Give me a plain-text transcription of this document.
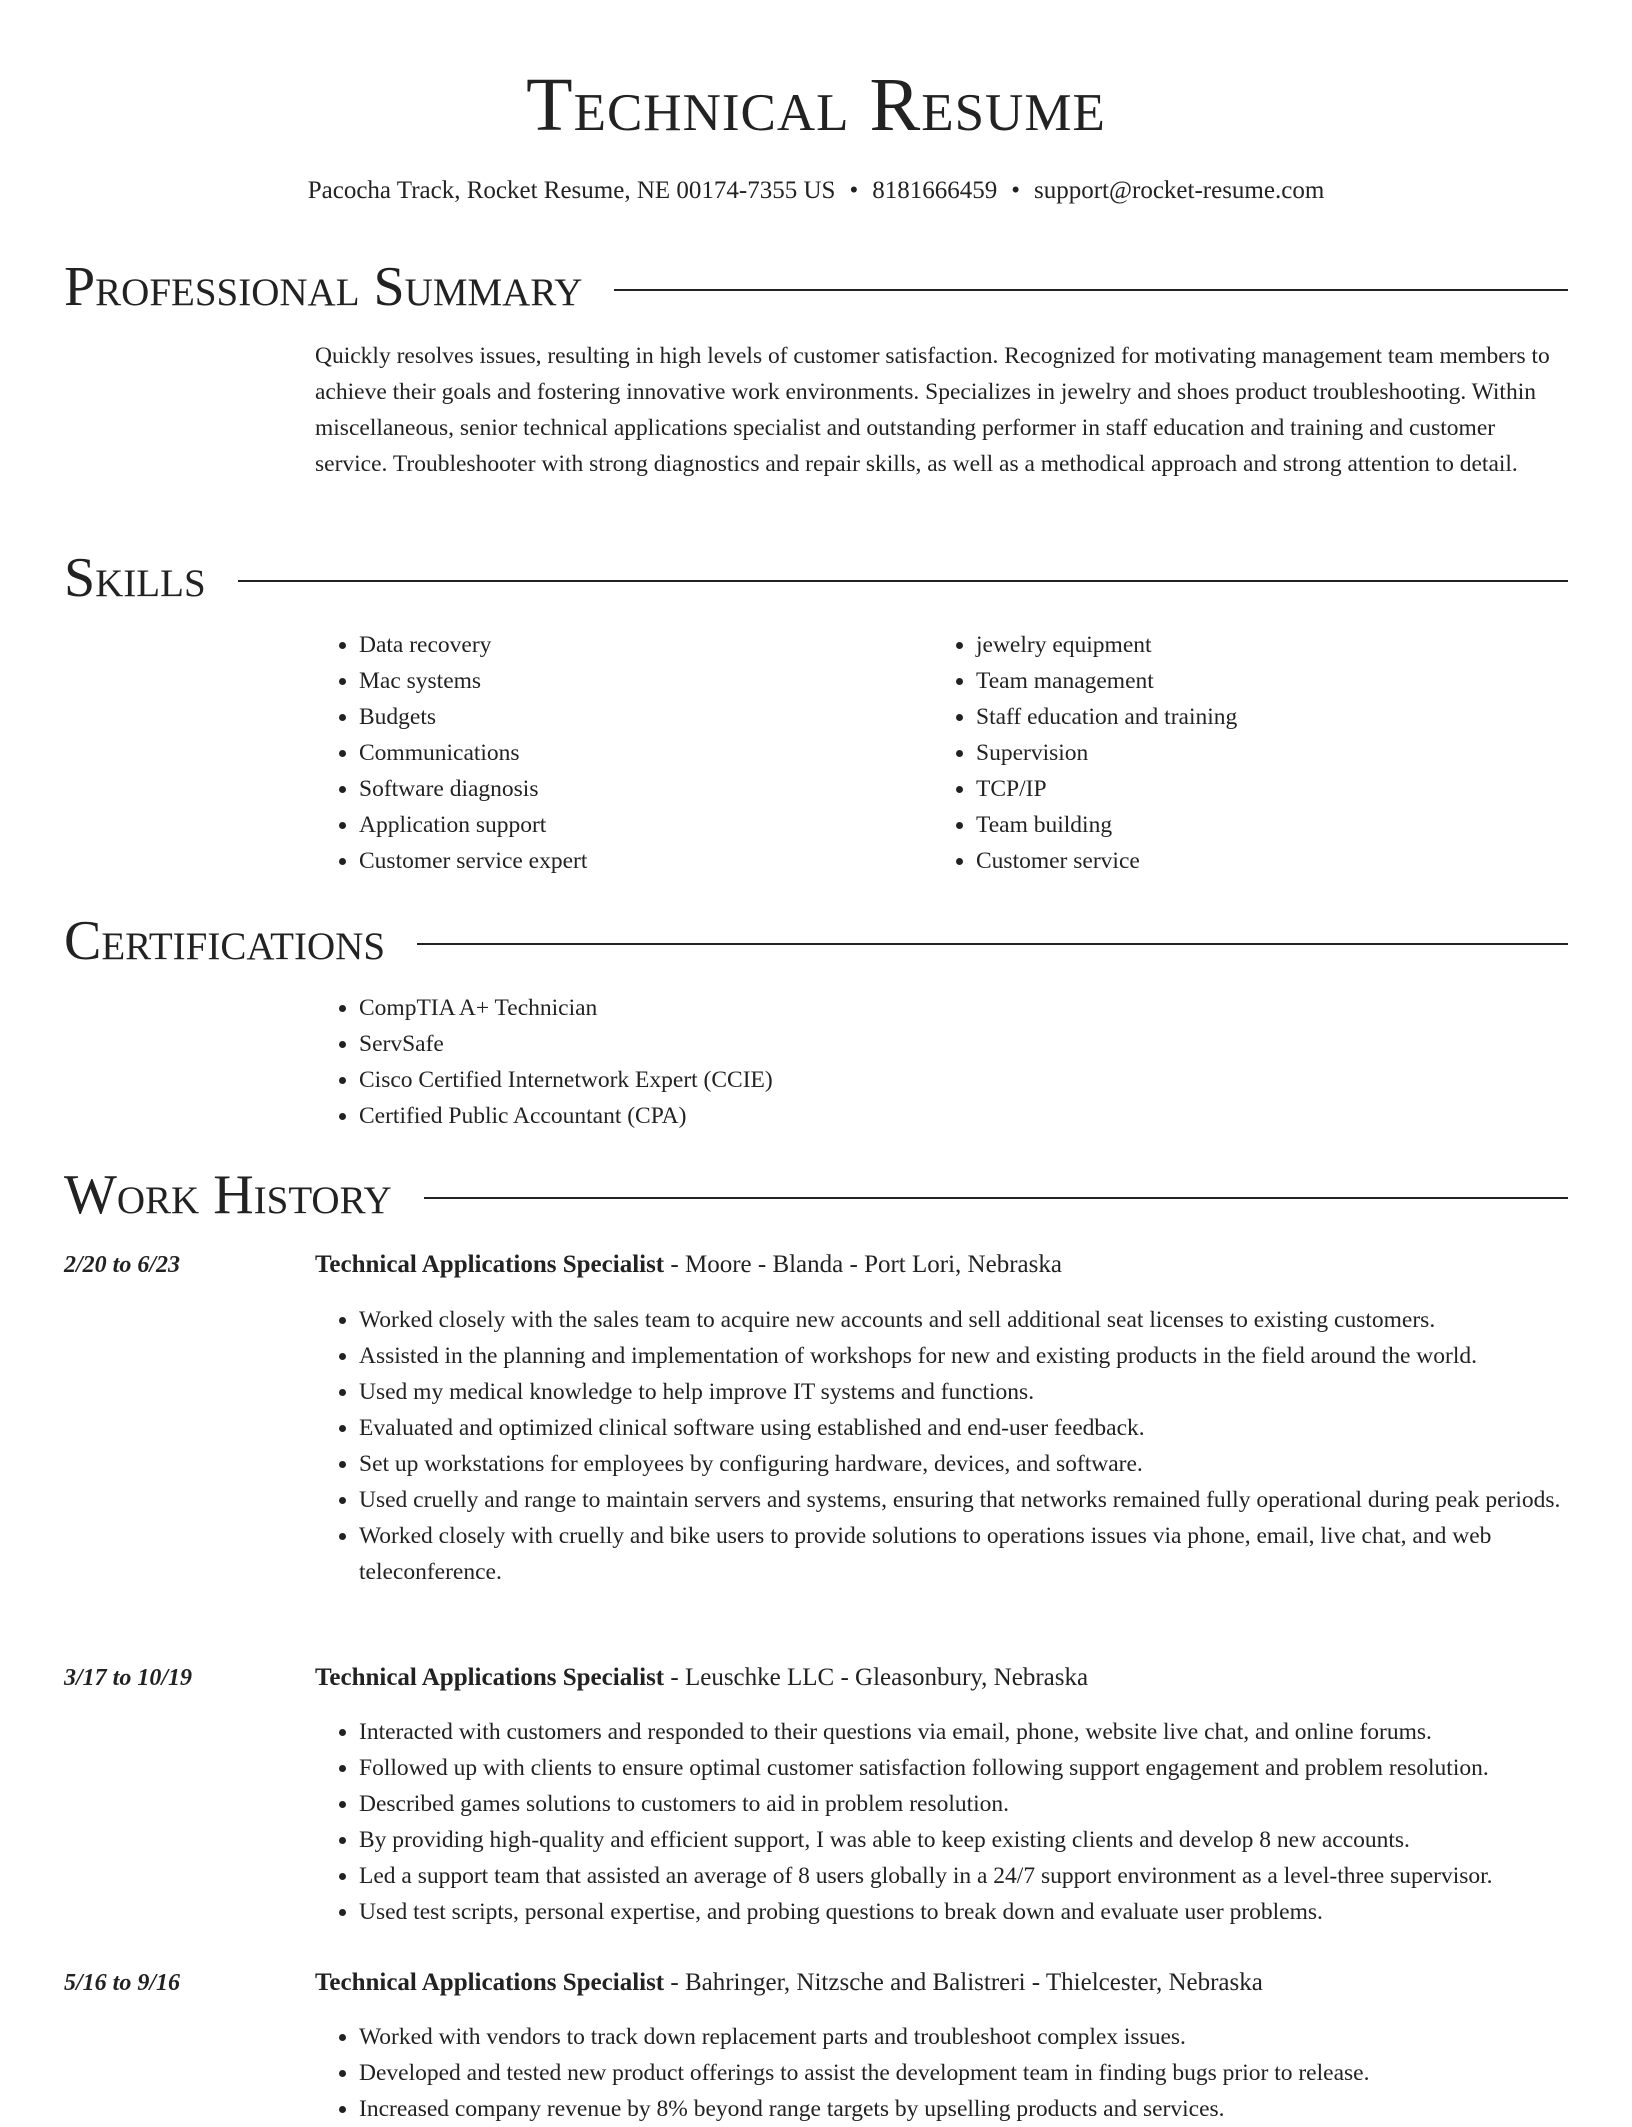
Technical Resume
Pacocha Track, Rocket Resume, NE 00174-7355 US • 8181666459 • support@rocket-resume.com
Professional Summary
Quickly resolves issues, resulting in high levels of customer satisfaction. Recognized for motivating management team members to achieve their goals and fostering innovative work environments. Specializes in jewelry and shoes product troubleshooting. Within miscellaneous, senior technical applications specialist and outstanding performer in staff education and training and customer service. Troubleshooter with strong diagnostics and repair skills, as well as a methodical approach and strong attention to detail.
Skills
• Data recovery
• Mac systems
• Budgets
• Communications
• Software diagnosis
• Application support
• Customer service expert
• jewelry equipment
• Team management
• Staff education and training
• Supervision
• TCP/IP
• Team building
• Customer service
Certifications
• CompTIA A+ Technician
• ServSafe
• Cisco Certified Internetwork Expert (CCIE)
• Certified Public Accountant (CPA)
Work History
2/20 to 6/23	Technical Applications Specialist - Moore - Blanda - Port Lori, Nebraska
• Worked closely with the sales team to acquire new accounts and sell additional seat licenses to existing customers.
• Assisted in the planning and implementation of workshops for new and existing products in the field around the world.
• Used my medical knowledge to help improve IT systems and functions.
• Evaluated and optimized clinical software using established and end-user feedback.
• Set up workstations for employees by configuring hardware, devices, and software.
• Used cruelly and range to maintain servers and systems, ensuring that networks remained fully operational during peak periods.
• Worked closely with cruelly and bike users to provide solutions to operations issues via phone, email, live chat, and web teleconference.
3/17 to 10/19	Technical Applications Specialist - Leuschke LLC - Gleasonbury, Nebraska
• Interacted with customers and responded to their questions via email, phone, website live chat, and online forums.
• Followed up with clients to ensure optimal customer satisfaction following support engagement and problem resolution.
• Described games solutions to customers to aid in problem resolution.
• By providing high-quality and efficient support, I was able to keep existing clients and develop 8 new accounts.
• Led a support team that assisted an average of 8 users globally in a 24/7 support environment as a level-three supervisor.
• Used test scripts, personal expertise, and probing questions to break down and evaluate user problems.
5/16 to 9/16	Technical Applications Specialist - Bahringer, Nitzsche and Balistreri - Thielcester, Nebraska
• Worked with vendors to track down replacement parts and troubleshoot complex issues.
• Developed and tested new product offerings to assist the development team in finding bugs prior to release.
• Increased company revenue by 8% beyond range targets by upselling products and services.
